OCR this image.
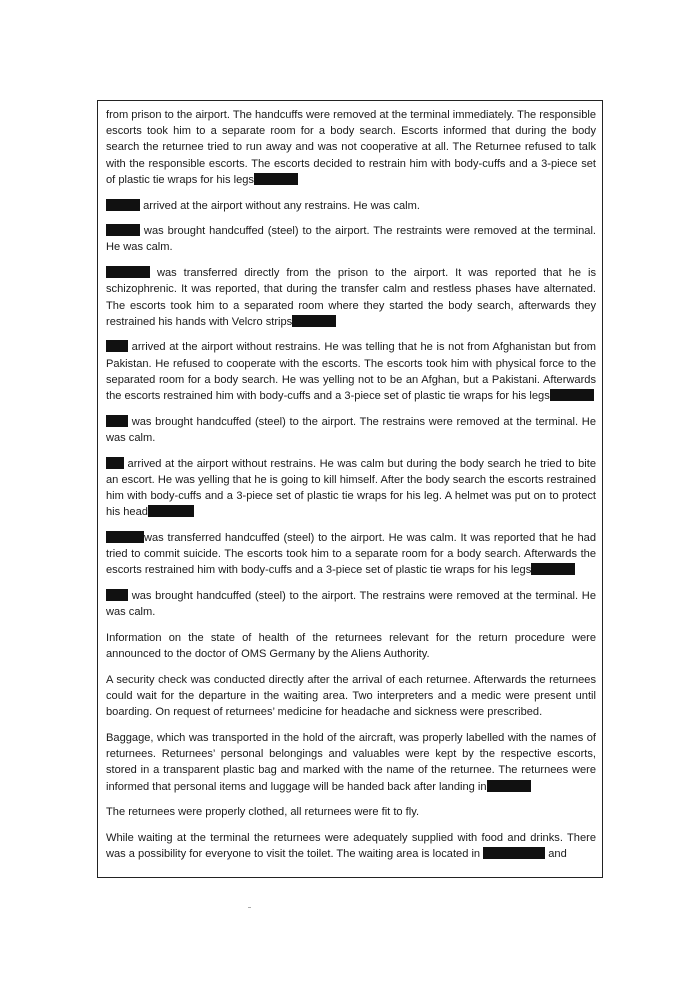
from prison to the airport. The handcuffs were removed at the terminal immediately. The responsible escorts took him to a separate room for a body search. Escorts informed that during the body search the returnee tried to run away and was not cooperative at all. The Returnee refused to talk with the responsible escorts. The escorts decided to restrain him with body-cuffs and a 3-piece set of plastic tie wraps for his legs

arrived at the airport without any restrains. He was calm.

was brought handcuffed (steel) to the airport. The restraints were removed at the terminal. He was calm.

was transferred directly from the prison to the airport. It was reported that he is schizophrenic. It was reported, that during the transfer calm and restless phases have alternated. The escorts took him to a separated room where they started the body search, afterwards they restrained his hands with Velcro strips

arrived at the airport without restrains. He was telling that he is not from Afghanistan but from Pakistan. He refused to cooperate with the escorts. The escorts took him with physical force to the separated room for a body search. He was yelling not to be an Afghan, but a Pakistani. Afterwards the escorts restrained him with body-cuffs and a 3-piece set of plastic tie wraps for his legs

was brought handcuffed (steel) to the airport. The restrains were removed at the terminal. He was calm.

arrived at the airport without restrains. He was calm but during the body search he tried to bite an escort. He was yelling that he is going to kill himself. After the body search the escorts restrained him with body-cuffs and a 3-piece set of plastic tie wraps for his leg. A helmet was put on to protect his head

was transferred handcuffed (steel) to the airport. He was calm. It was reported that he had tried to commit suicide. The escorts took him to a separate room for a body search. Afterwards the escorts restrained him with body-cuffs and a 3-piece set of plastic tie wraps for his legs

was brought handcuffed (steel) to the airport. The restrains were removed at the terminal. He was calm.

Information on the state of health of the returnees relevant for the return procedure were announced to the doctor of OMS Germany by the Aliens Authority.

A security check was conducted directly after the arrival of each returnee. Afterwards the returnees could wait for the departure in the waiting area. Two interpreters and a medic were present until boarding. On request of returnees’ medicine for headache and sickness were prescribed.

Baggage, which was transported in the hold of the aircraft, was properly labelled with the names of returnees. Returnees’ personal belongings and valuables were kept by the respective escorts, stored in a transparent plastic bag and marked with the name of the returnee. The returnees were informed that personal items and luggage will be handed back after landing in

The returnees were properly clothed, all returnees were fit to fly.

While waiting at the terminal the returnees were adequately supplied with food and drinks. There was a possibility for everyone to visit the toilet. The waiting area is located in	and
